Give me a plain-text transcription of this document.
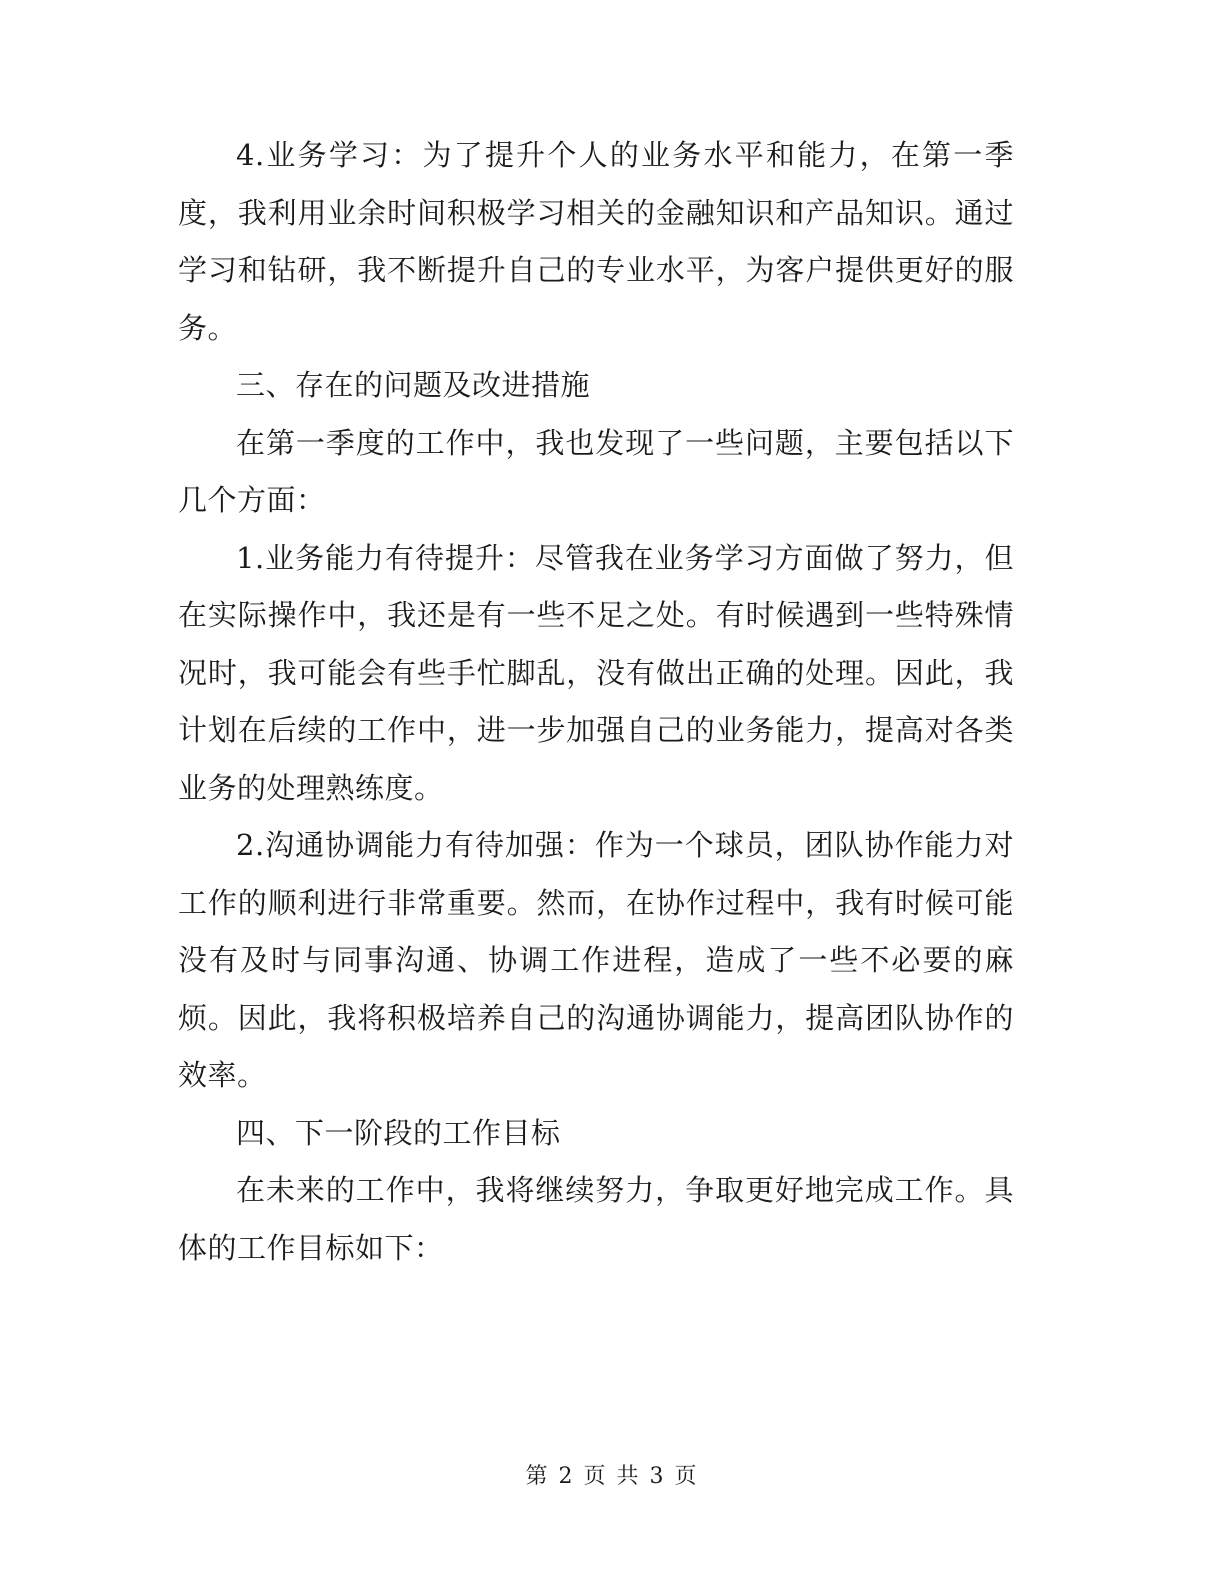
4.业务学习：为了提升个人的业务水平和能力，在第一季度，我利用业余时间积极学习相关的金融知识和产品知识。通过学习和钻研，我不断提升自己的专业水平，为客户提供更好的服务。

三、存在的问题及改进措施

在第一季度的工作中，我也发现了一些问题，主要包括以下几个方面：

1.业务能力有待提升：尽管我在业务学习方面做了努力，但在实际操作中，我还是有一些不足之处。有时候遇到一些特殊情况时，我可能会有些手忙脚乱，没有做出正确的处理。因此，我计划在后续的工作中，进一步加强自己的业务能力，提高对各类业务的处理熟练度。

2.沟通协调能力有待加强：作为一个球员，团队协作能力对工作的顺利进行非常重要。然而，在协作过程中，我有时候可能没有及时与同事沟通、协调工作进程，造成了一些不必要的麻烦。因此，我将积极培养自己的沟通协调能力，提高团队协作的效率。

四、下一阶段的工作目标

在未来的工作中，我将继续努力，争取更好地完成工作。具体的工作目标如下：

第 2 页 共 3 页
